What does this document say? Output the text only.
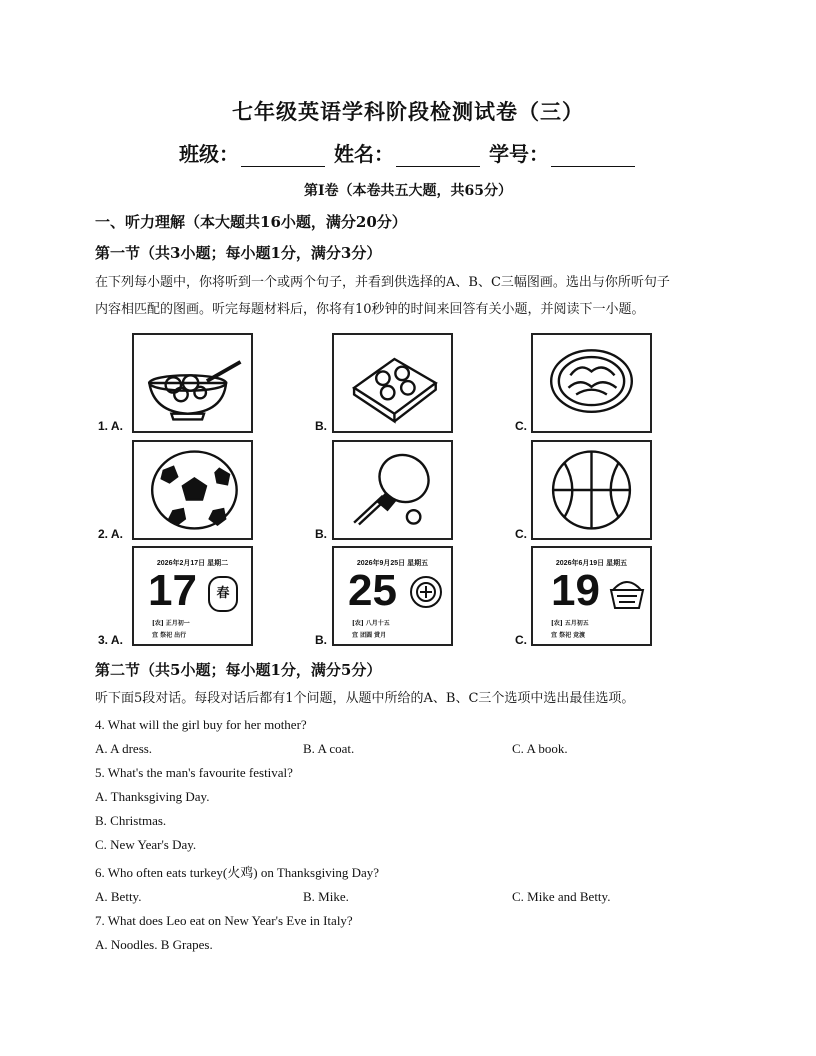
七年级英语学科阶段检测试卷（三）
班级：	姓名：	学号：
第Ⅰ卷（本卷共五大题，共65分）
一、听力理解（本大题共16小题，满分20分）
第一节（共3小题；每小题1分，满分3分）
在下列每小题中，你将听到一个或两个句子，并看到供选择的A、B、C三幅图画。选出与你所听句子
内容相匹配的图画。听完每题材料后，你将有10秒钟的时间来回答有关小题，并阅读下一小题。
1. A.	B.	C.
2. A.	B.	C.
3. A.
2026年2月17日 星期二
17	春
[农] 正月初一
宜 祭祀 出行	B.
2026年9月25日 星期五
25
[农] 八月十五
宜 团圆 赏月	C.
2026年6月19日 星期五
19
[农] 五月初五
宜 祭祀 竞渡
第二节（共5小题；每小题1分，满分5分）
听下面5段对话。每段对话后都有1个问题，从题中所给的A、B、C三个选项中选出最佳选项。
4. What will the girl buy for her mother?
A. A dress.	B. A coat.	C. A book.
5. What's the man's favourite festival?
A. Thanksgiving Day.
B. Christmas.
C. New Year's Day.
6. Who often eats turkey(火鸡) on Thanksgiving Day?
A. Betty.	B. Mike.	C. Mike and Betty.
7. What does Leo eat on New Year's Eve in Italy?
A. Noodles. B Grapes.
